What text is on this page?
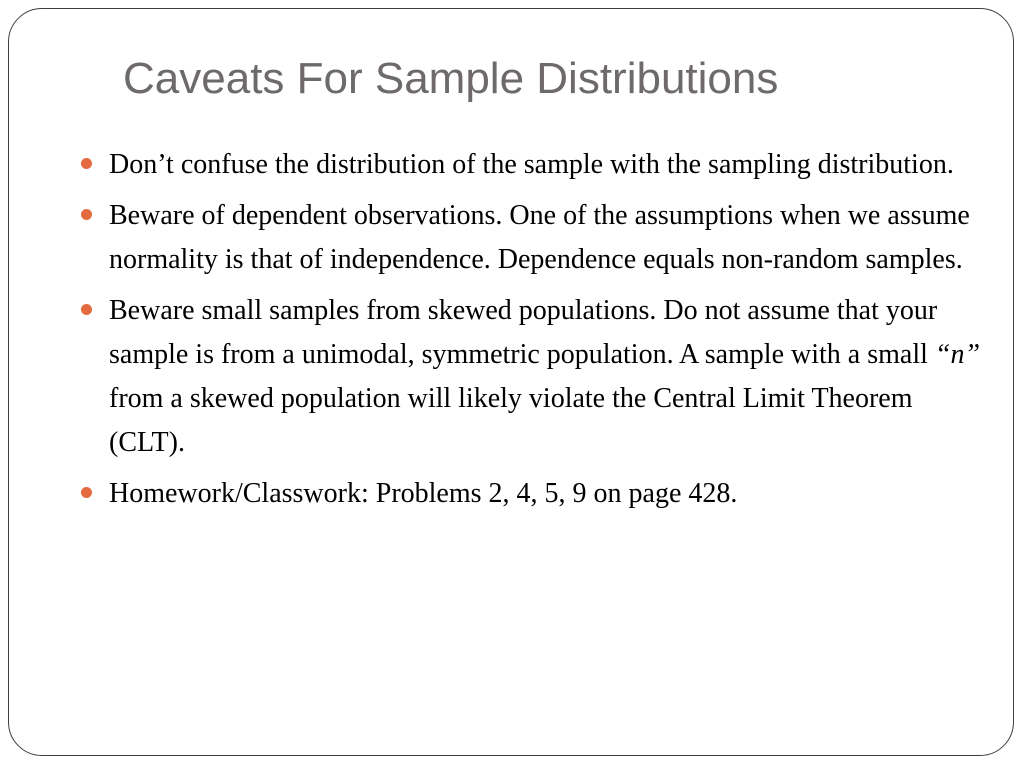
Caveats For Sample Distributions
Don’t confuse the distribution of the sample with the sampling distribution.
Beware of dependent observations. One of the assumptions when we assume normality is that of independence. Dependence equals non-random samples.
Beware small samples from skewed populations. Do not assume that your sample is from a unimodal, symmetric population. A sample with a small “n” from a skewed population will likely violate the Central Limit Theorem (CLT).
Homework/Classwork: Problems 2, 4, 5, 9 on page 428.
